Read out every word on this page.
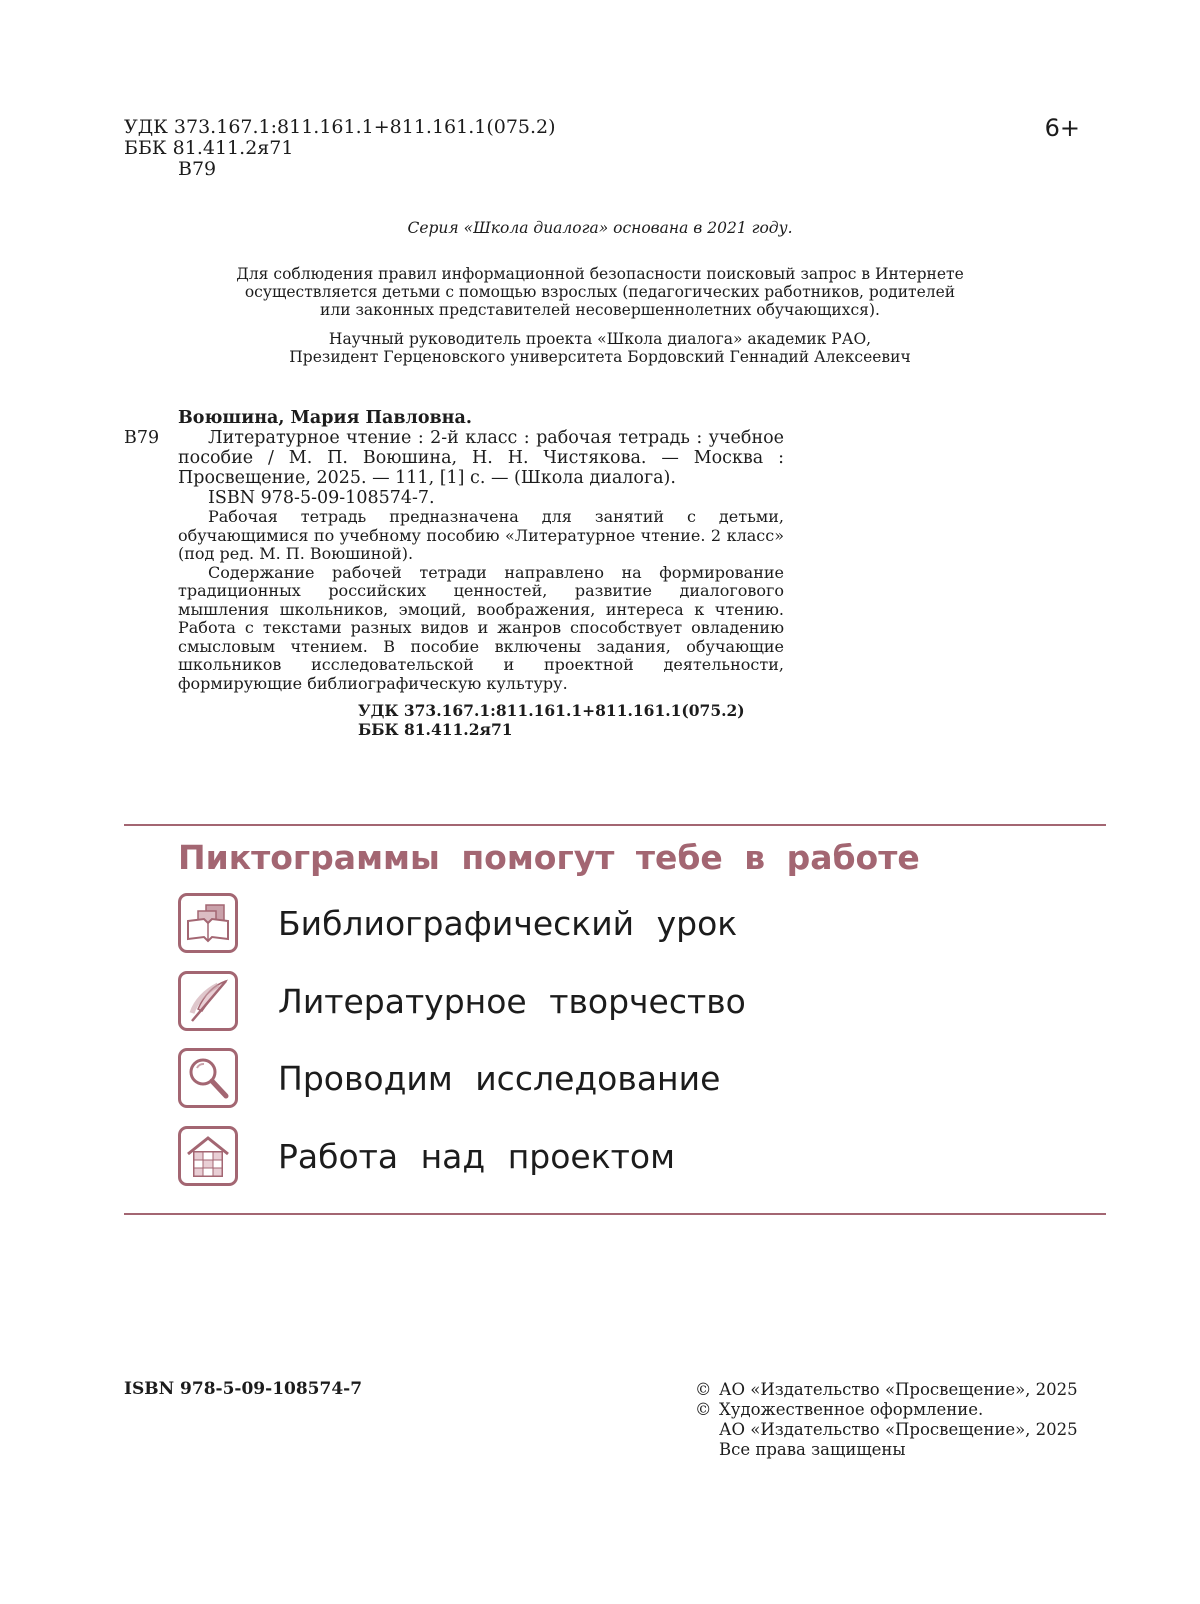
УДК 373.167.1:811.161.1+811.161.1(075.2)
ББК 81.411.2я71
В79
6+
Серия «Школа диалога» основана в 2021 году.
Для соблюдения правил информационной безопасности поисковый запрос в Интернете
осуществляется детьми с помощью взрослых (педагогических работников, родителей
или законных представителей несовершеннолетних обучающихся).
Научный руководитель проекта «Школа диалога» академик РАО,
Президент Герценовского университета Бордовский Геннадий Алексеевич
Воюшина, Мария Павловна.
В79	Литературное чтение : 2-й класс : рабочая тетрадь : учебное пособие / М. П. Воюшина, Н. Н. Чистякова. — Москва : Просвещение, 2025. — 111, [1] с. — (Школа диалога).
ISBN 978-5-09-108574-7.
Рабочая тетрадь предназначена для занятий с детьми, обучающимися по учебному пособию «Литературное чтение. 2 класс» (под ред. М. П. Воюшиной).
Содержание рабочей тетради направлено на формирование традиционных российских ценностей, развитие диалогового мышления школьников, эмоций, воображения, интереса к чтению. Работа с текстами разных видов и жанров способствует овладению смысловым чтением. В пособие включены задания, обучающие школьников исследовательской и проектной деятельности, формирующие библиографическую культуру.
УДК 373.167.1:811.161.1+811.161.1(075.2)
ББК 81.411.2я71
Пиктограммы помогут тебе в работе
Библиографический урок
Литературное творчество
Проводим исследование
Работа над проектом
ISBN 978-5-09-108574-7	© АО «Издательство «Просвещение», 2025
© Художественное оформление.
АО «Издательство «Просвещение», 2025
Все права защищены
